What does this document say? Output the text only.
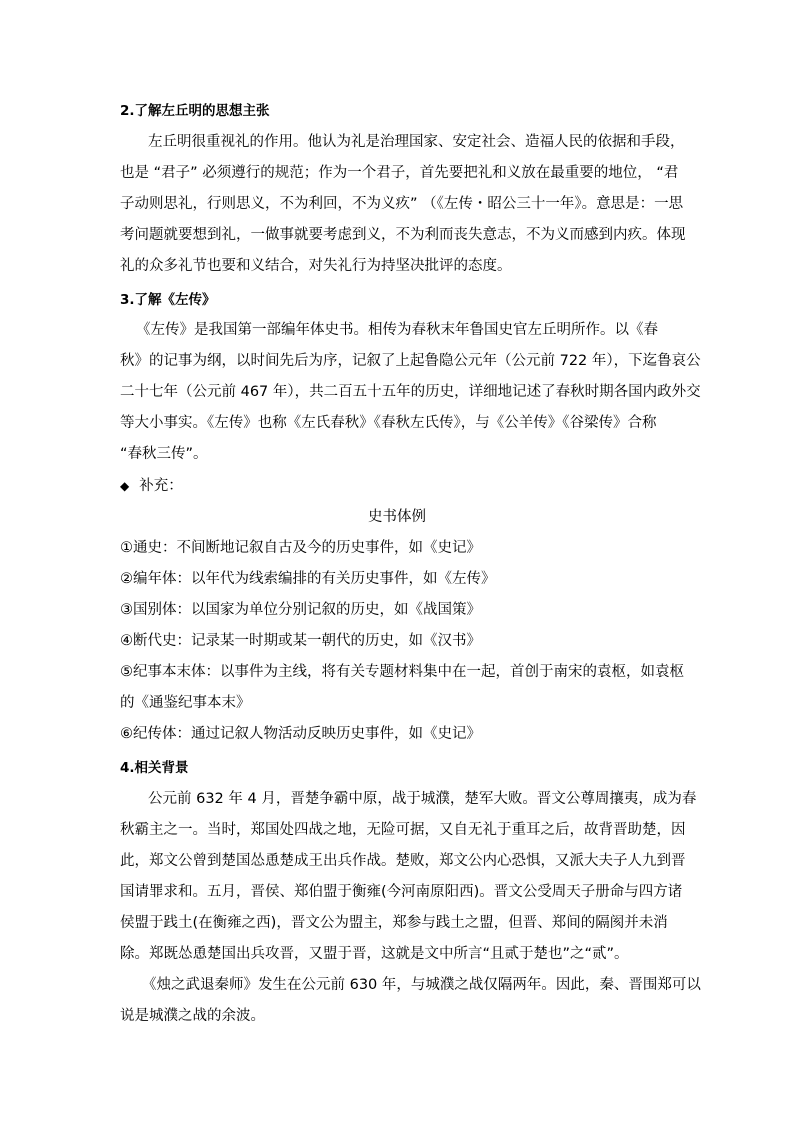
2.了解左丘明的思想主张
左丘明很重视礼的作用。他认为礼是治理国家、安定社会、造福人民的依据和手段，
也是 “君子” 必须遵行的规范；作为一个君子，首先要把礼和义放在最重要的地位， “君
子动则思礼，行则思义，不为利回，不为义疚” （《左传・昭公三十一年》。意思是：一思
考问题就要想到礼，一做事就要考虑到义，不为利而丧失意志，不为义而感到内疚。体现
礼的众多礼节也要和义结合，对失礼行为持坚决批评的态度。
3.了解《左传》
《左传》是我国第一部编年体史书。相传为春秋末年鲁国史官左丘明所作。以《春
秋》的记事为纲，以时间先后为序，记叙了上起鲁隐公元年（公元前 722 年），下迄鲁哀公
二十七年（公元前 467 年），共二百五十五年的历史，详细地记述了春秋时期各国内政外交
等大小事实。《左传》也称《左氏春秋》《春秋左氏传》，与《公羊传》《谷梁传》合称
“春秋三传”。
◆ 补充：
史书体例
①通史：不间断地记叙自古及今的历史事件，如《史记》
②编年体：以年代为线索编排的有关历史事件，如《左传》
③国别体：以国家为单位分别记叙的历史，如《战国策》
④断代史：记录某一时期或某一朝代的历史，如《汉书》
⑤纪事本末体：以事件为主线，将有关专题材料集中在一起，首创于南宋的袁枢，如袁枢
的《通鉴纪事本末》
⑥纪传体：通过记叙人物活动反映历史事件，如《史记》
4.相关背景
公元前 632 年 4 月，晋楚争霸中原，战于城濮，楚军大败。晋文公尊周攘夷，成为春
秋霸主之一。当时，郑国处四战之地，无险可据，又自无礼于重耳之后，故背晋助楚，因
此，郑文公曾到楚国怂恿楚成王出兵作战。楚败，郑文公内心恐惧，又派大夫子人九到晋
国请罪求和。五月，晋侯、郑伯盟于衡雍(今河南原阳西)。晋文公受周天子册命与四方诸
侯盟于践土(在衡雍之西)，晋文公为盟主，郑参与践土之盟，但晋、郑间的隔阂并未消
除。郑既怂恿楚国出兵攻晋，又盟于晋，这就是文中所言“且贰于楚也”之“贰”。
《烛之武退秦师》发生在公元前 630 年，与城濮之战仅隔两年。因此，秦、晋围郑可以
说是城濮之战的余波。
